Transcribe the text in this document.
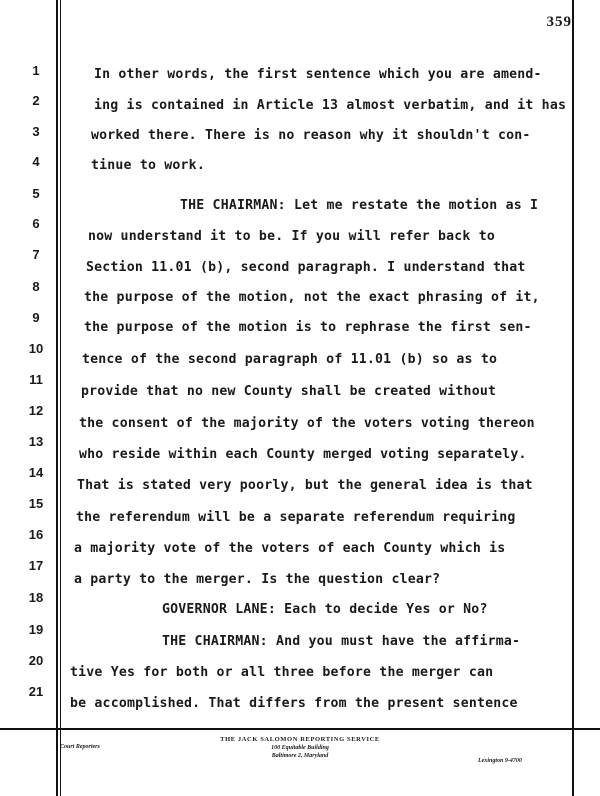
359
1
2
3
4
5
6
7
8
9
10
11
12
13
14
15
16
17
18
19
20
21
In other words, the first sentence which you are amend-
ing is contained in Article 13 almost verbatim, and it has
worked there. There is no reason why it shouldn't con-
tinue to work.
THE CHAIRMAN: Let me restate the motion as I
now understand it to be. If you will refer back to
Section 11.01 (b), second paragraph. I understand that
the purpose of the motion, not the exact phrasing of it,
the purpose of the motion is to rephrase the first sen-
tence of the second paragraph of 11.01 (b) so as to
provide that no new County shall be created without
the consent of the majority of the voters voting thereon
who reside within each County merged voting separately.
That is stated very poorly, but the general idea is that
the referendum will be a separate referendum requiring
a majority vote of the voters of each County which is
a party to the merger. Is the question clear?
GOVERNOR LANE: Each to decide Yes or No?
THE CHAIRMAN: And you must have the affirma-
tive Yes for both or all three before the merger can
be accomplished. That differs from the present sentence
Court Reporters
THE JACK SALOMON REPORTING SERVICE
100 Equitable Building
Baltimore 2, Maryland
Lexington 9-4700
